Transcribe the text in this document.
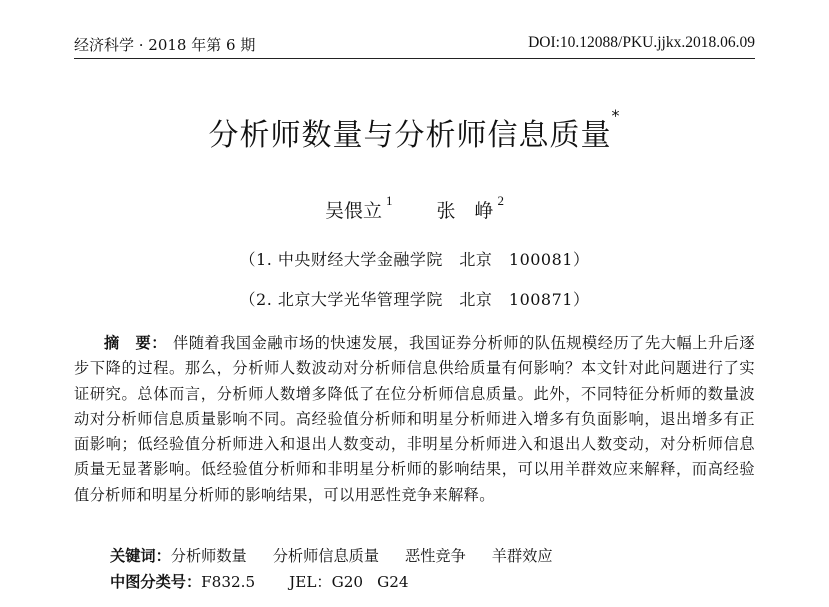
经济科学 · 2018 年第 6 期	DOI:10.12088/PKU.jjkx.2018.06.09
分析师数量与分析师信息质量*
吴偎立 $^1$ 张　峥 $^2$
（1. 中央财经大学金融学院　北京　100081）
（2. 北京大学光华管理学院　北京　100871）
摘　要： 伴随着我国金融市场的快速发展，我国证券分析师的队伍规模经历了先大幅上升后逐步下降的过程。那么，分析师人数波动对分析师信息供给质量有何影响？本文针对此问题进行了实证研究。总体而言，分析师人数增多降低了在位分析师信息质量。此外，不同特征分析师的数量波动对分析师信息质量影响不同。高经验值分析师和明星分析师进入增多有负面影响，退出增多有正面影响；低经验值分析师进入和退出人数变动，非明星分析师进入和退出人数变动，对分析师信息质量无显著影响。低经验值分析师和非明星分析师的影响结果，可以用羊群效应来解释，而高经验值分析师和明星分析师的影响结果，可以用恶性竞争来解释。
关键词：分析师数量 分析师信息质量 恶性竞争 羊群效应
中图分类号：F832.5 JEL：G20 G24
